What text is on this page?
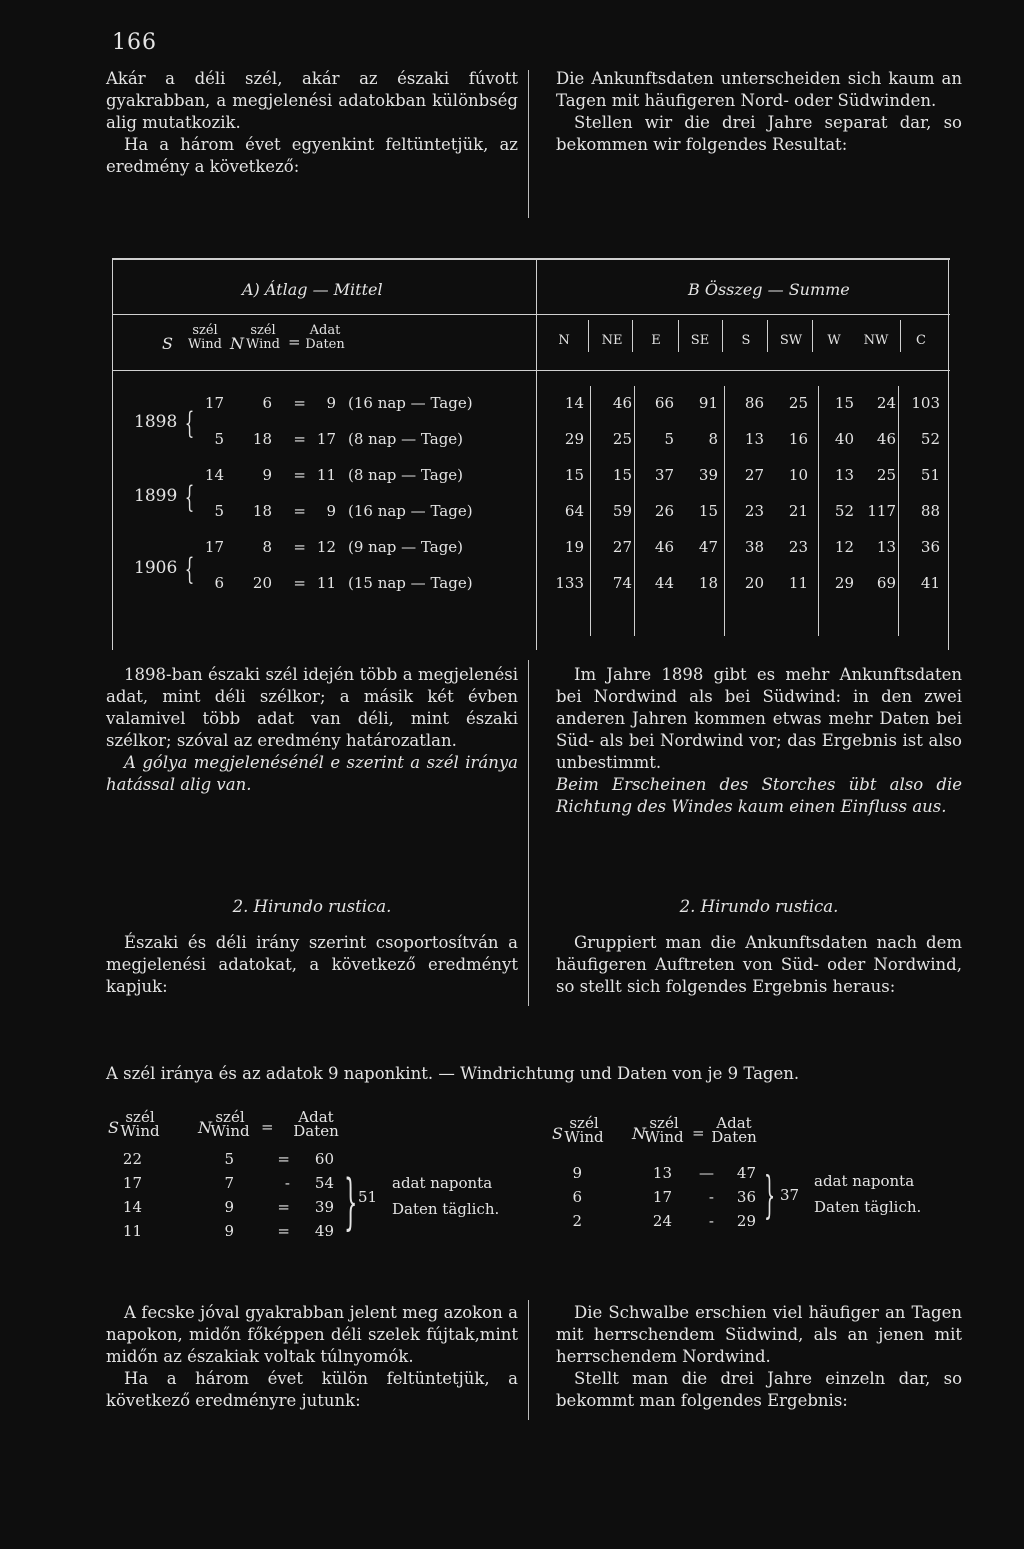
166

Akár a déli szél, akár az északi fúvott gyakrabban, a megjelenési adatokban különbség alig mutatkozik.

Ha a három évet egyenkint feltüntetjük, az eredmény a következő:

Die Ankunftsdaten unterscheiden sich kaum an Tagen mit häufigeren Nord- oder Südwinden.

Stellen wir die drei Jahre separat dar, so bekommen wir folgendes Resultat:

A) Átlag — Mittel	B Összeg — Summe
S
szél
Wind N
szél
Wind =
Adat
Daten	N	NE	E	SE	S	SW	W	NW	C
1898
1899
1906
{
{
{
17	6	=	9 (16 nap — Tage)	14	46	66	91	86	25	15	24 103
5	18	= 17 (8 nap — Tage)	29	25	5	8	13	16	40	46	52
14	9	= 11 (8 nap — Tage)	15	15	37	39	27	10	13	25	51
5	18	=	9 (16 nap — Tage)	64	59	26	15	23	21	52 117	88
17	8	= 12 (9 nap — Tage)	19	27	46	47	38	23	12	13	36
6	20	= 11 (15 nap — Tage)	133	74	44	18	20	11	29	69	41

1898-ban északi szél idején több a megjelenési adat, mint déli szélkor; a másik két évben valamivel több adat van déli, mint északi szélkor; szóval az eredmény határozatlan.

A gólya megjelenésénél e szerint a szél iránya hatással alig van.

Im Jahre 1898 gibt es mehr Ankunftsdaten bei Nordwind als bei Südwind: in den zwei anderen Jahren kommen etwas mehr Daten bei Süd- als bei Nordwind vor; das Ergebnis ist also unbestimmt.

Beim Erscheinen des Storches übt also die Richtung des Windes kaum einen Einfluss aus.

2. Hirundo rustica.	2. Hirundo rustica.

Északi és déli irány szerint csoportosítván a megjelenési adatokat, a következő eredményt kapjuk:

Gruppiert man die Ankunftsdaten nach dem häufigeren Auftreten von Süd- oder Nordwind, so stellt sich folgendes Ergebnis heraus:

A szél iránya és az adatok 9 naponkint. — Windrichtung und Daten von je 9 Tagen.
S
szél
Wind N
szél
Wind =
Adat
Daten
22	5	=	60
17	7	-	54
14	9	=	39
11	9	=	49 } 51
adat naponta
Daten täglich.
S
szél
Wind N
szél
Wind =
Adat
Daten
9	13	—	47
6	17	-	36
2	24	-	29 } 37
adat naponta
Daten täglich.

A fecske jóval gyakrabban jelent meg azokon a napokon, midőn főképpen déli szelek fújtak,mint midőn az északiak voltak túlnyomók.

Ha a három évet külön feltüntetjük, a következő eredményre jutunk:

Die Schwalbe erschien viel häufiger an Tagen mit herrschendem Südwind, als an jenen mit herrschendem Nordwind.

Stellt man die drei Jahre einzeln dar, so bekommt man folgendes Ergebnis:
